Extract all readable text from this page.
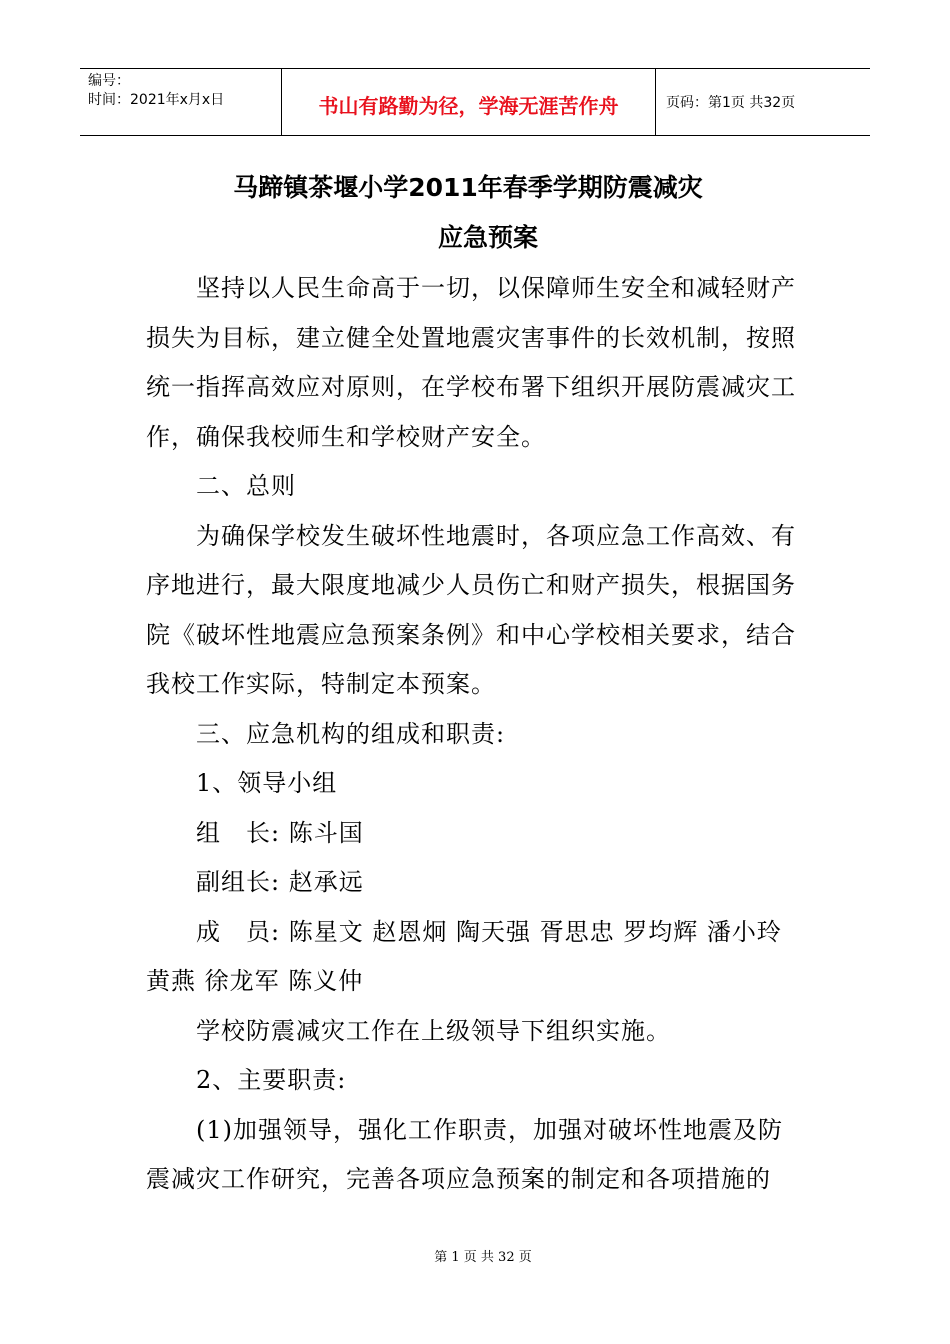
编号：
时间：2021年x月x日	书山有路勤为径，学海无涯苦作舟	页码：第1页 共32页
马蹄镇茶堰小学2011年春季学期防震减灾
应急预案

坚持以人民生命高于一切，以保障师生安全和减轻财产损失为目标，建立健全处置地震灾害事件的长效机制，按照统一指挥高效应对原则，在学校布署下组织开展防震减灾工作，确保我校师生和学校财产安全。

二、总则

为确保学校发生破坏性地震时，各项应急工作高效、有序地进行，最大限度地减少人员伤亡和财产损失，根据国务院《破坏性地震应急预案条例》和中心学校相关要求，结合我校工作实际，特制定本预案。

三、应急机构的组成和职责:

1、领导小组

组　长: 陈斗国

副组长: 赵承远

成　员: 陈星文 赵恩炯 陶天强 胥思忠 罗均辉 潘小玲 黄燕 徐龙军 陈义仲

学校防震减灾工作在上级领导下组织实施。

2、主要职责:

(1)加强领导，强化工作职责，加强对破坏性地震及防震减灾工作研究，完善各项应急预案的制定和各项措施的

第 1 页 共 32 页
